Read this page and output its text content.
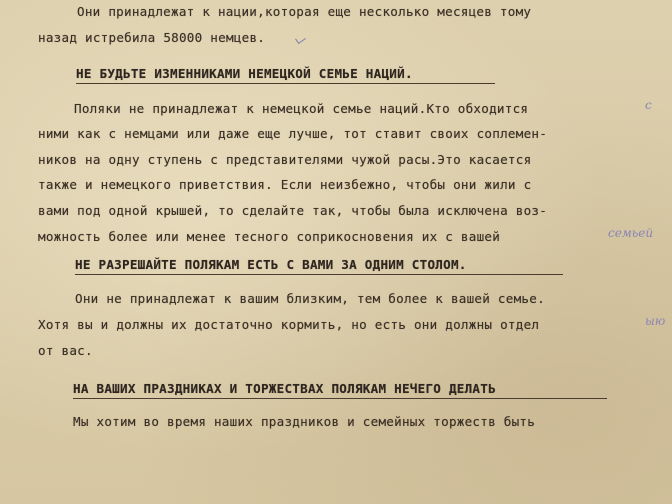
Они принадлежат к нации,которая еще несколько месяцев тому
назад истребила 58000 немцев.
НЕ БУДЬТЕ ИЗМЕННИКАМИ НЕМЕЦКОЙ СЕМЬЕ НАЦИЙ.
Поляки не принадлежат к немецкой семье наций.Кто обходится	с
ними как с немцами или даже еще лучше, тот ставит своих соплемен-
ников на одну ступень с представителями чужой расы.Это касается
также и немецкого приветствия. Если неизбежно, чтобы они жили с
вами под одной крышей, то сделайте так, чтобы была исключена воз-
можность более или менее тесного соприкосновения их с вашей	семьей
НЕ РАЗРЕШАЙТЕ ПОЛЯКАМ ЕСТЬ С ВАМИ ЗА ОДНИМ СТОЛОМ.
Они не принадлежат к вашим близким, тем более к вашей семье.
Хотя вы и должны их достаточно кормить, но есть они должны отдел	ыю
от вас.
НА ВАШИХ ПРАЗДНИКАХ И ТОРЖЕСТВАХ ПОЛЯКАМ НЕЧЕГО ДЕЛАТЬ
Мы хотим во время наших праздников и семейных торжеств быть
